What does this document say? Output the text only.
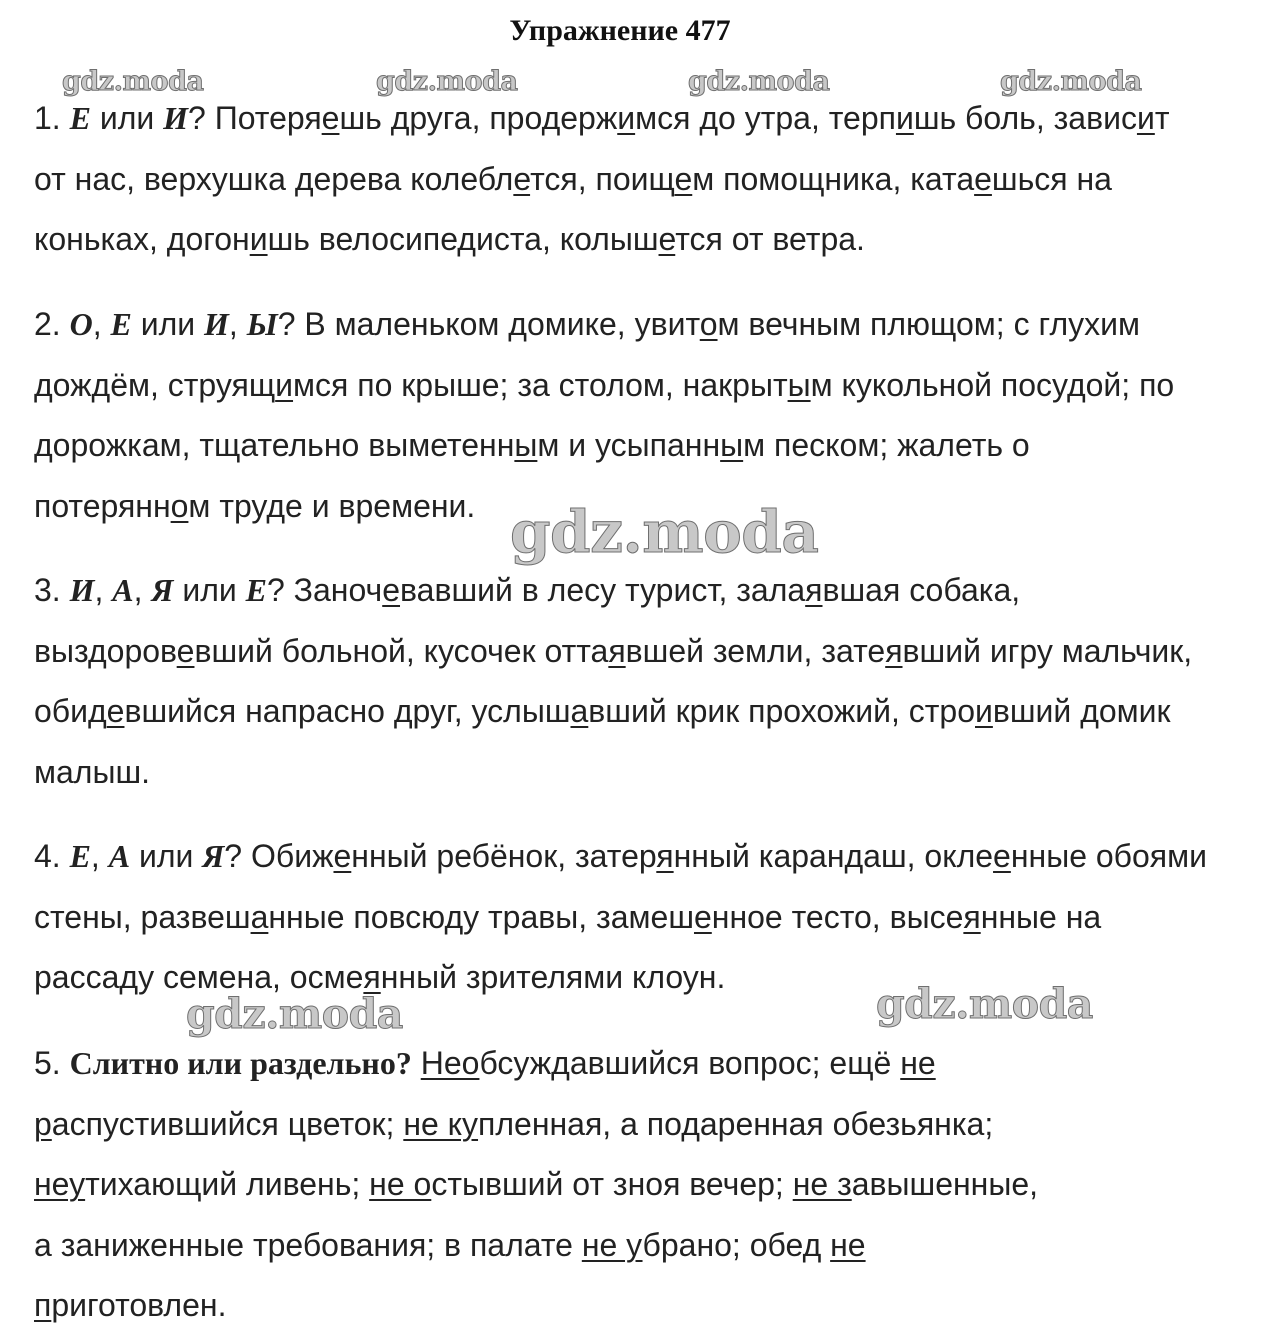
Упражнение 477
gdz.moda	gdz.moda	gdz.moda	gdz.moda
gdz.moda
gdz.moda	gdz.moda
1. Е или И? Потеряешь друга, продержимся до утра, терпишь боль, зависит от нас, верхушка дерева колеблется, поищем помощника, катаешься на коньках, догонишь велосипедиста, колышется от ветра.
2. О, Е или И, Ы? В маленьком домике, увитом вечным плющом; с глухим дождём, струящимся по крыше; за столом, накрытым кукольной посудой; по дорожкам, тщательно выметенным и усыпанным песком; жалеть о потерянном труде и времени.
3. И, А, Я или Е? Заночевавший в лесу турист, залаявшая собака, выздоровевший больной, кусочек оттаявшей земли, затеявший игру мальчик, обидевшийся напрасно друг, услышавший крик прохожий, строивший домик малыш.
4. Е, А или Я? Обиженный ребёнок, затерянный карандаш, оклеенные обоями стены, развешанные повсюду травы, замешенное тесто, высеянные на рассаду семена, осмеянный зрителями клоун.
5. Слитно или раздельно? Необсуждавшийся вопрос; ещё не распустившийся цветок; не купленная, а подаренная обезьянка; неутихающий ливень; не остывший от зноя вечер; не завышенные, а заниженные требования; в палате не убрано; обед не приготовлен.
